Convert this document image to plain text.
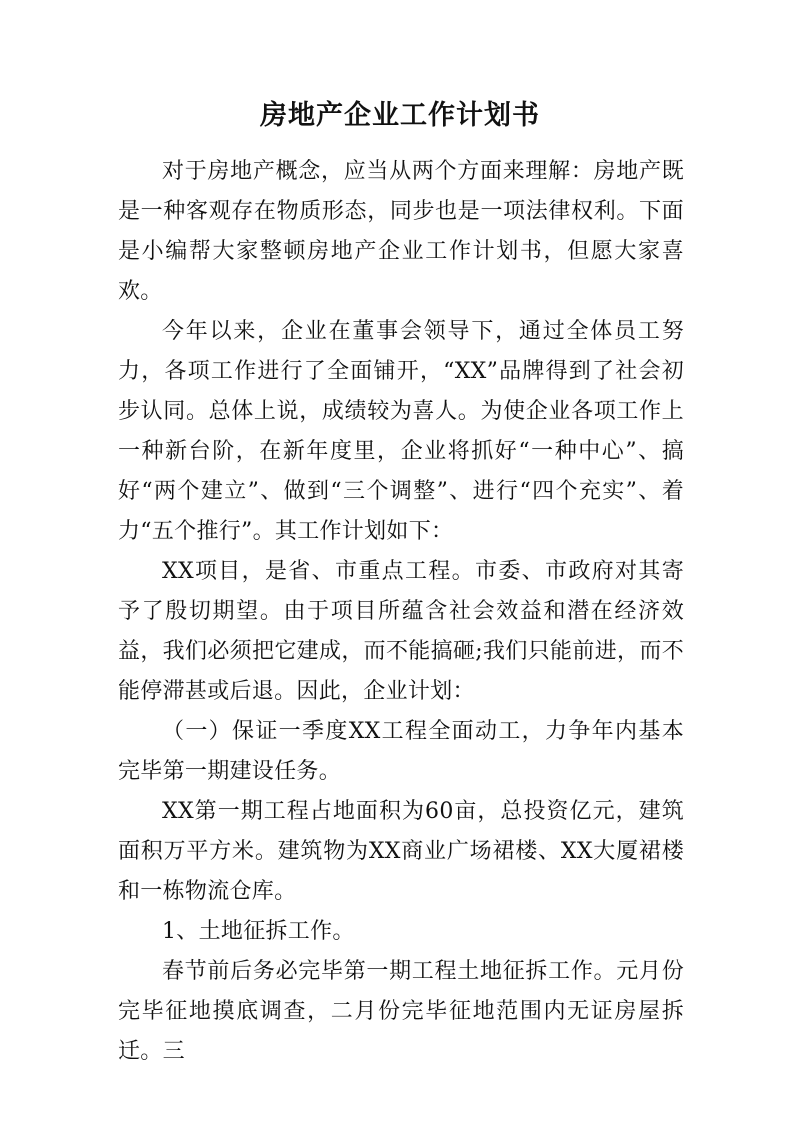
房地产企业工作计划书

对于房地产概念，应当从两个方面来理解：房地产既是一种客观存在物质形态，同步也是一项法律权利。下面是小编帮大家整顿房地产企业工作计划书，但愿大家喜欢。

今年以来，企业在董事会领导下，通过全体员工努力，各项工作进行了全面铺开，“XX”品牌得到了社会初步认同。总体上说，成绩较为喜人。为使企业各项工作上一种新台阶，在新年度里，企业将抓好“一种中心”、搞好“两个建立”、做到“三个调整”、进行“四个充实”、着力“五个推行”。其工作计划如下：

XX项目，是省、市重点工程。市委、市政府对其寄予了殷切期望。由于项目所蕴含社会效益和潜在经济效益，我们必须把它建成，而不能搞砸;我们只能前进，而不能停滞甚或后退。因此，企业计划：

（一）保证一季度XX工程全面动工，力争年内基本完毕第一期建设任务。

XX第一期工程占地面积为60亩，总投资亿元，建筑面积万平方米。建筑物为XX商业广场裙楼、XX大厦裙楼和一栋物流仓库。

1、土地征拆工作。

春节前后务必完毕第一期工程土地征拆工作。元月份完毕征地摸底调查，二月份完毕征地范围内无证房屋拆迁。三
